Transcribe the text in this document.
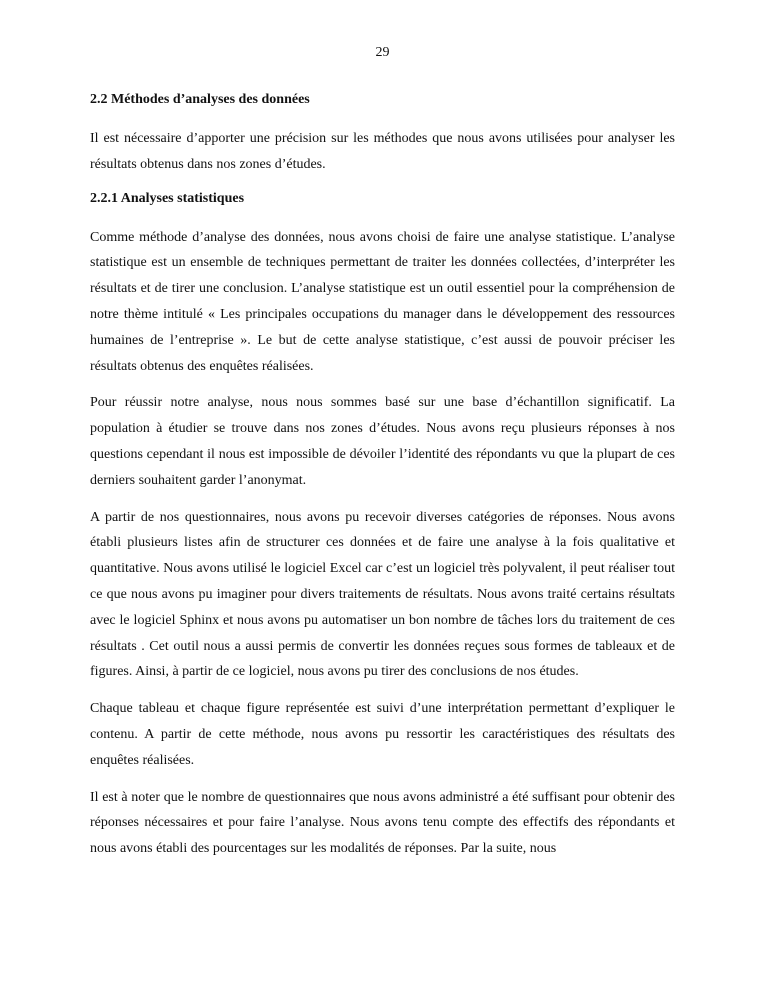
29
2.2 Méthodes d’analyses des données

Il est nécessaire d’apporter une précision sur les méthodes que nous avons utilisées pour analyser les résultats obtenus dans nos zones d’études.

2.2.1 Analyses statistiques

Comme méthode d’analyse des données, nous avons choisi de faire une analyse statistique. L’analyse statistique est un ensemble de techniques permettant de traiter les données collectées, d’interpréter les résultats et de tirer une conclusion. L’analyse statistique est un outil essentiel pour la compréhension de notre thème intitulé « Les principales occupations du manager dans le développement des ressources humaines de l’entreprise ». Le but de cette analyse statistique, c’est aussi de pouvoir préciser les résultats obtenus des enquêtes réalisées.

Pour réussir notre analyse, nous nous sommes basé sur une base d’échantillon significatif. La population à étudier se trouve dans nos zones d’études. Nous avons reçu plusieurs réponses à nos questions cependant il nous est impossible de dévoiler l’identité des répondants vu que la plupart de ces derniers souhaitent garder l’anonymat.

A partir de nos questionnaires, nous avons pu recevoir diverses catégories de réponses. Nous avons établi plusieurs listes afin de structurer ces données et de faire une analyse à la fois qualitative et quantitative. Nous avons utilisé le logiciel Excel car c’est un logiciel très polyvalent, il peut réaliser tout ce que nous avons pu imaginer pour divers traitements de résultats. Nous avons traité certains résultats avec le logiciel Sphinx et nous avons pu automatiser un bon nombre de tâches lors du traitement de ces résultats . Cet outil nous a aussi permis de convertir les données reçues sous formes de tableaux et de figures. Ainsi, à partir de ce logiciel, nous avons pu tirer des conclusions de nos études.

Chaque tableau et chaque figure représentée est suivi d’une interprétation permettant d’expliquer le contenu. A partir de cette méthode, nous avons pu ressortir les caractéristiques des résultats des enquêtes réalisées.

Il est à noter que le nombre de questionnaires que nous avons administré a été suffisant pour obtenir des réponses nécessaires et pour faire l’analyse. Nous avons tenu compte des effectifs des répondants et nous avons établi des pourcentages sur les modalités de réponses. Par la suite, nous
